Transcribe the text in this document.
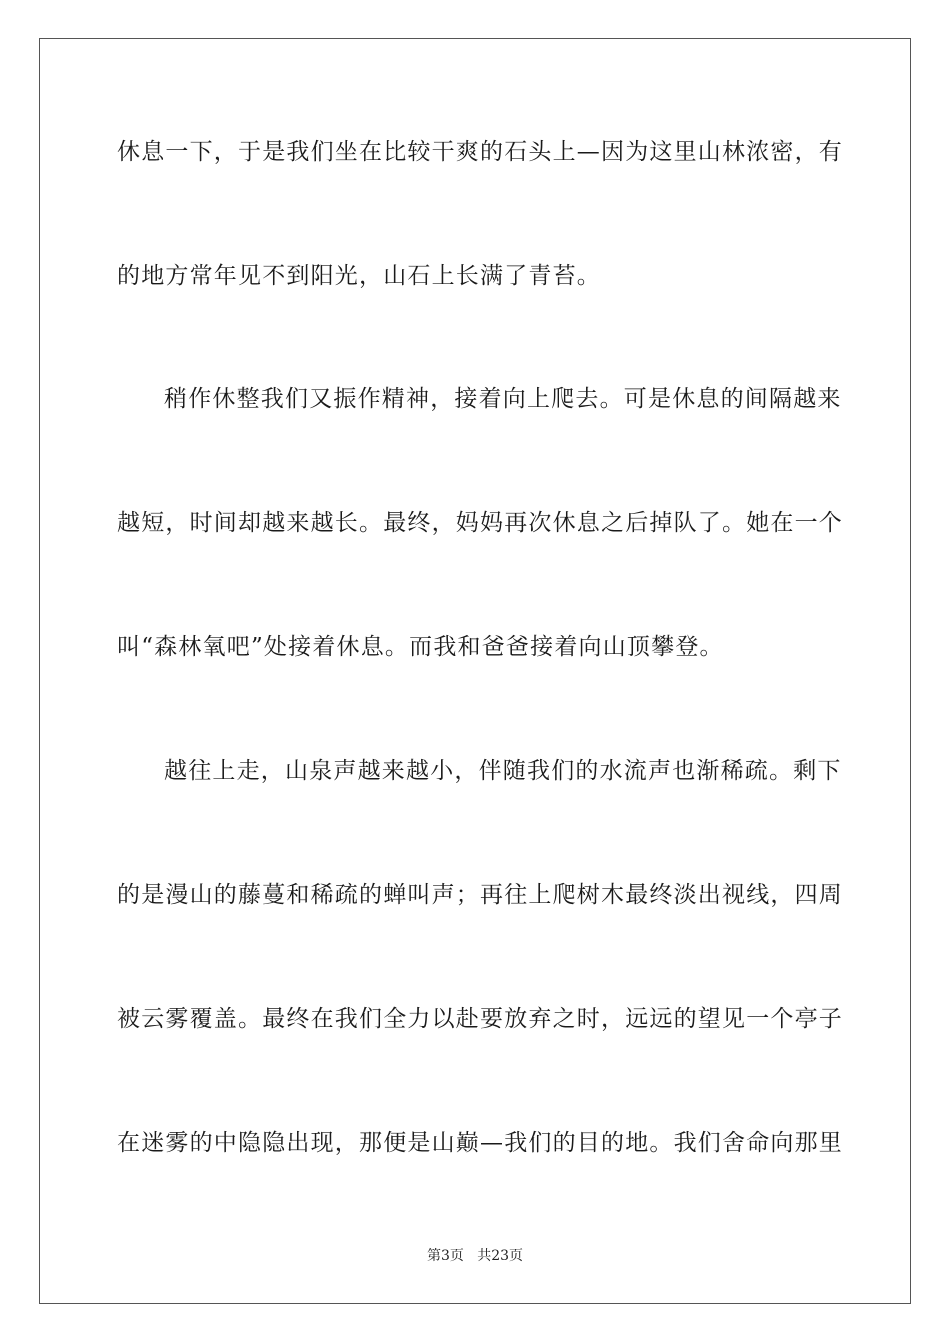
休息一下，于是我们坐在比较干爽的石头上—因为这里山林浓密，有
的地方常年见不到阳光，山石上长满了青苔。
稍作休整我们又振作精神，接着向上爬去。可是休息的间隔越来
越短，时间却越来越长。最终，妈妈再次休息之后掉队了。她在一个
叫“森林氧吧”处接着休息。而我和爸爸接着向山顶攀登。
越往上走，山泉声越来越小，伴随我们的水流声也渐稀疏。剩下
的是漫山的藤蔓和稀疏的蝉叫声；再往上爬树木最终淡出视线，四周
被云雾覆盖。最终在我们全力以赴要放弃之时，远远的望见一个亭子
在迷雾的中隐隐出现，那便是山巅—我们的目的地。我们舍命向那里
第3页   共23页
